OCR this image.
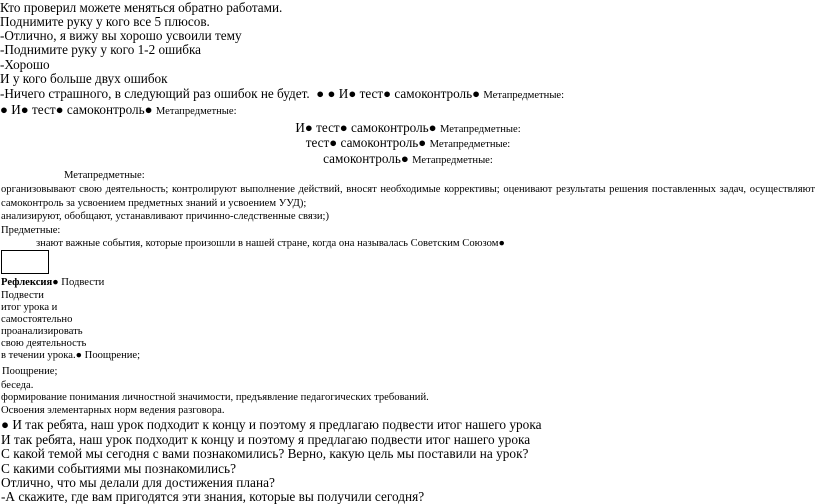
Кто проверил можете меняться обратно работами.
Поднимите руку у кого все 5 плюсов.
-Отлично, я вижу вы хорошо усвоили тему
-Поднимите руку у кого 1-2 ошибка
-Хорошо
И у кого больше двух ошибок
-Ничего страшного, в следующий раз ошибок не будет. ● ● И● тест● самоконтроль● Метапредметные:
● И● тест● самоконтроль● Метапредметные:
И● тест● самоконтроль● Метапредметные:
тест● самоконтроль● Метапредметные:
самоконтроль● Метапредметные:
Метапредметные:
организовывают свою деятельность; контролируют выполнение действий, вносят необходимые коррективы; оценивают результаты решения поставленных задач, осуществляют
самоконтроль за усвоением предметных знаний и усвоением УУД);
анализируют, обобщают, устанавливают причинно-следственные связи;)
Предметные:
знают важные события, которые произошли в нашей стране, когда она называлась Советским Союзом●
Рефлексия● Подвести
Подвести
итог урока и
самостоятельно
проанализировать
свою деятельность
в течении урока.● Поощрение;
Поощрение;
беседа.
формирование понимания личностной значимости, предъявление педагогических требований.
Освоения элементарных норм ведения разговора.
● И так ребята, наш урок подходит к концу и поэтому я предлагаю подвести итог нашего урока
И так ребята, наш урок подходит к концу и поэтому я предлагаю подвести итог нашего урока
С какой темой мы сегодня с вами познакомились? Верно, какую цель мы поставили на урок?
С какими событиями мы познакомились?
Отлично, что мы делали для достижения плана?
-А скажите, где вам пригодятся эти знания, которые вы получили сегодня?
